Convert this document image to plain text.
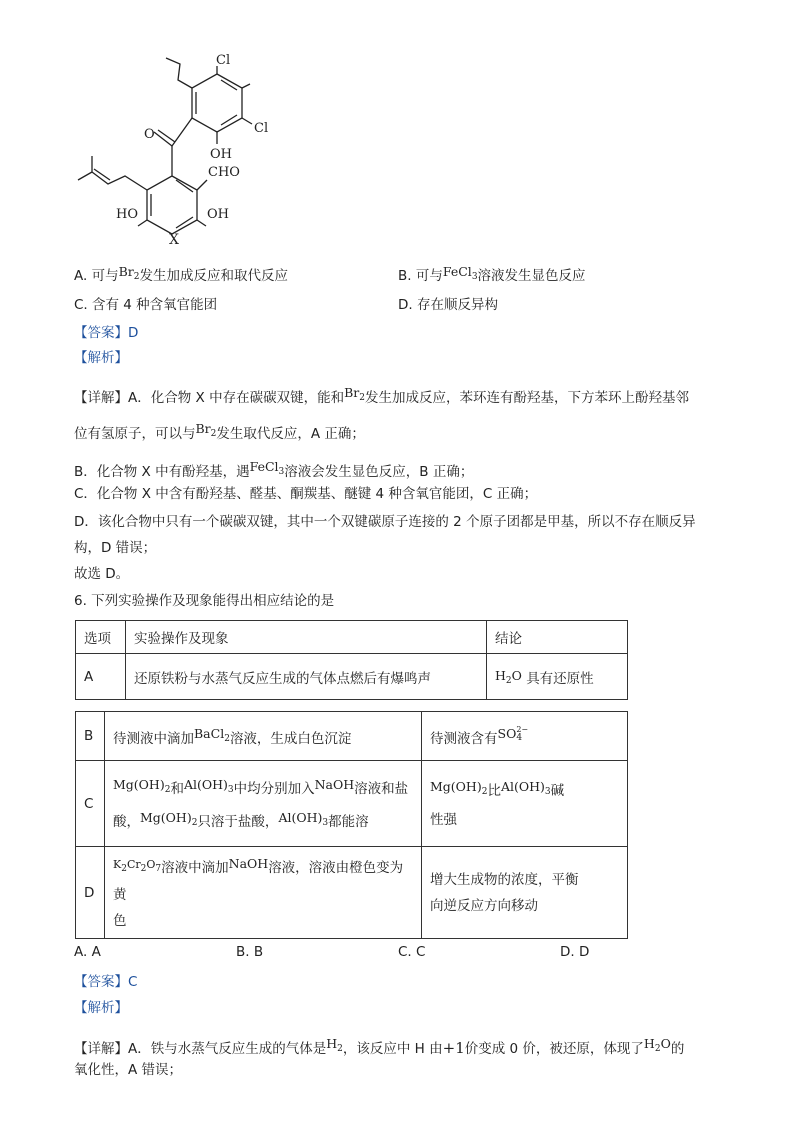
Cl
Cl
OH
O
CHO
HO	OH
X
A. 可与$Br_2$发生加成反应和取代反应	B. 可与FeCl$_3$溶液发生显色反应
C. 含有 4 种含氧官能团	D. 存在顺反异构
【答案】D
【解析】
【详解】A．化合物 X 中存在碳碳双键，能和$Br_2$发生加成反应，苯环连有酚羟基，下方苯环上酚羟基邻
位有氢原子，可以与$Br_2$发生取代反应，A 正确；
B．化合物 X 中有酚羟基，遇FeCl$_3$溶液会发生显色反应，B 正确；
C．化合物 X 中含有酚羟基、醛基、酮羰基、醚键 4 种含氧官能团，C 正确；
D．该化合物中只有一个碳碳双键，其中一个双键碳原子连接的 2 个原子团都是甲基，所以不存在顺反异
构，D 错误；
故选 D。
6. 下列实验操作及现象能得出相应结论的是
选项	实验操作及现象	结论
A	还原铁粉与水蒸气反应生成的气体点燃后有爆鸣声	$H_2O$ 具有还原性
B	待测液中滴加BaCl$_2$溶液，生成白色沉淀	待测液含有SO 2−
4

C	$Mg(OH)_2$和$Al(OH)_3$中均分别加入NaOH溶液和盐
酸，$Mg(OH)_2$只溶于盐酸，$Al(OH)_3$都能溶	$Mg(OH)_2$比$Al(OH)_3$碱
性强
D	$^{K_2Cr_2O_7}$溶液中滴加NaOH溶液，溶液由橙色变为黄
色	增大生成物的浓度，平衡
向逆反应方向移动
A. A	B. B	C. C	D. D
【答案】C
【解析】
【详解】A．铁与水蒸气反应生成的气体是$H_2$，该反应中 H 由+1价变成 0 价，被还原，体现了$H_2O$的
氧化性，A 错误；
